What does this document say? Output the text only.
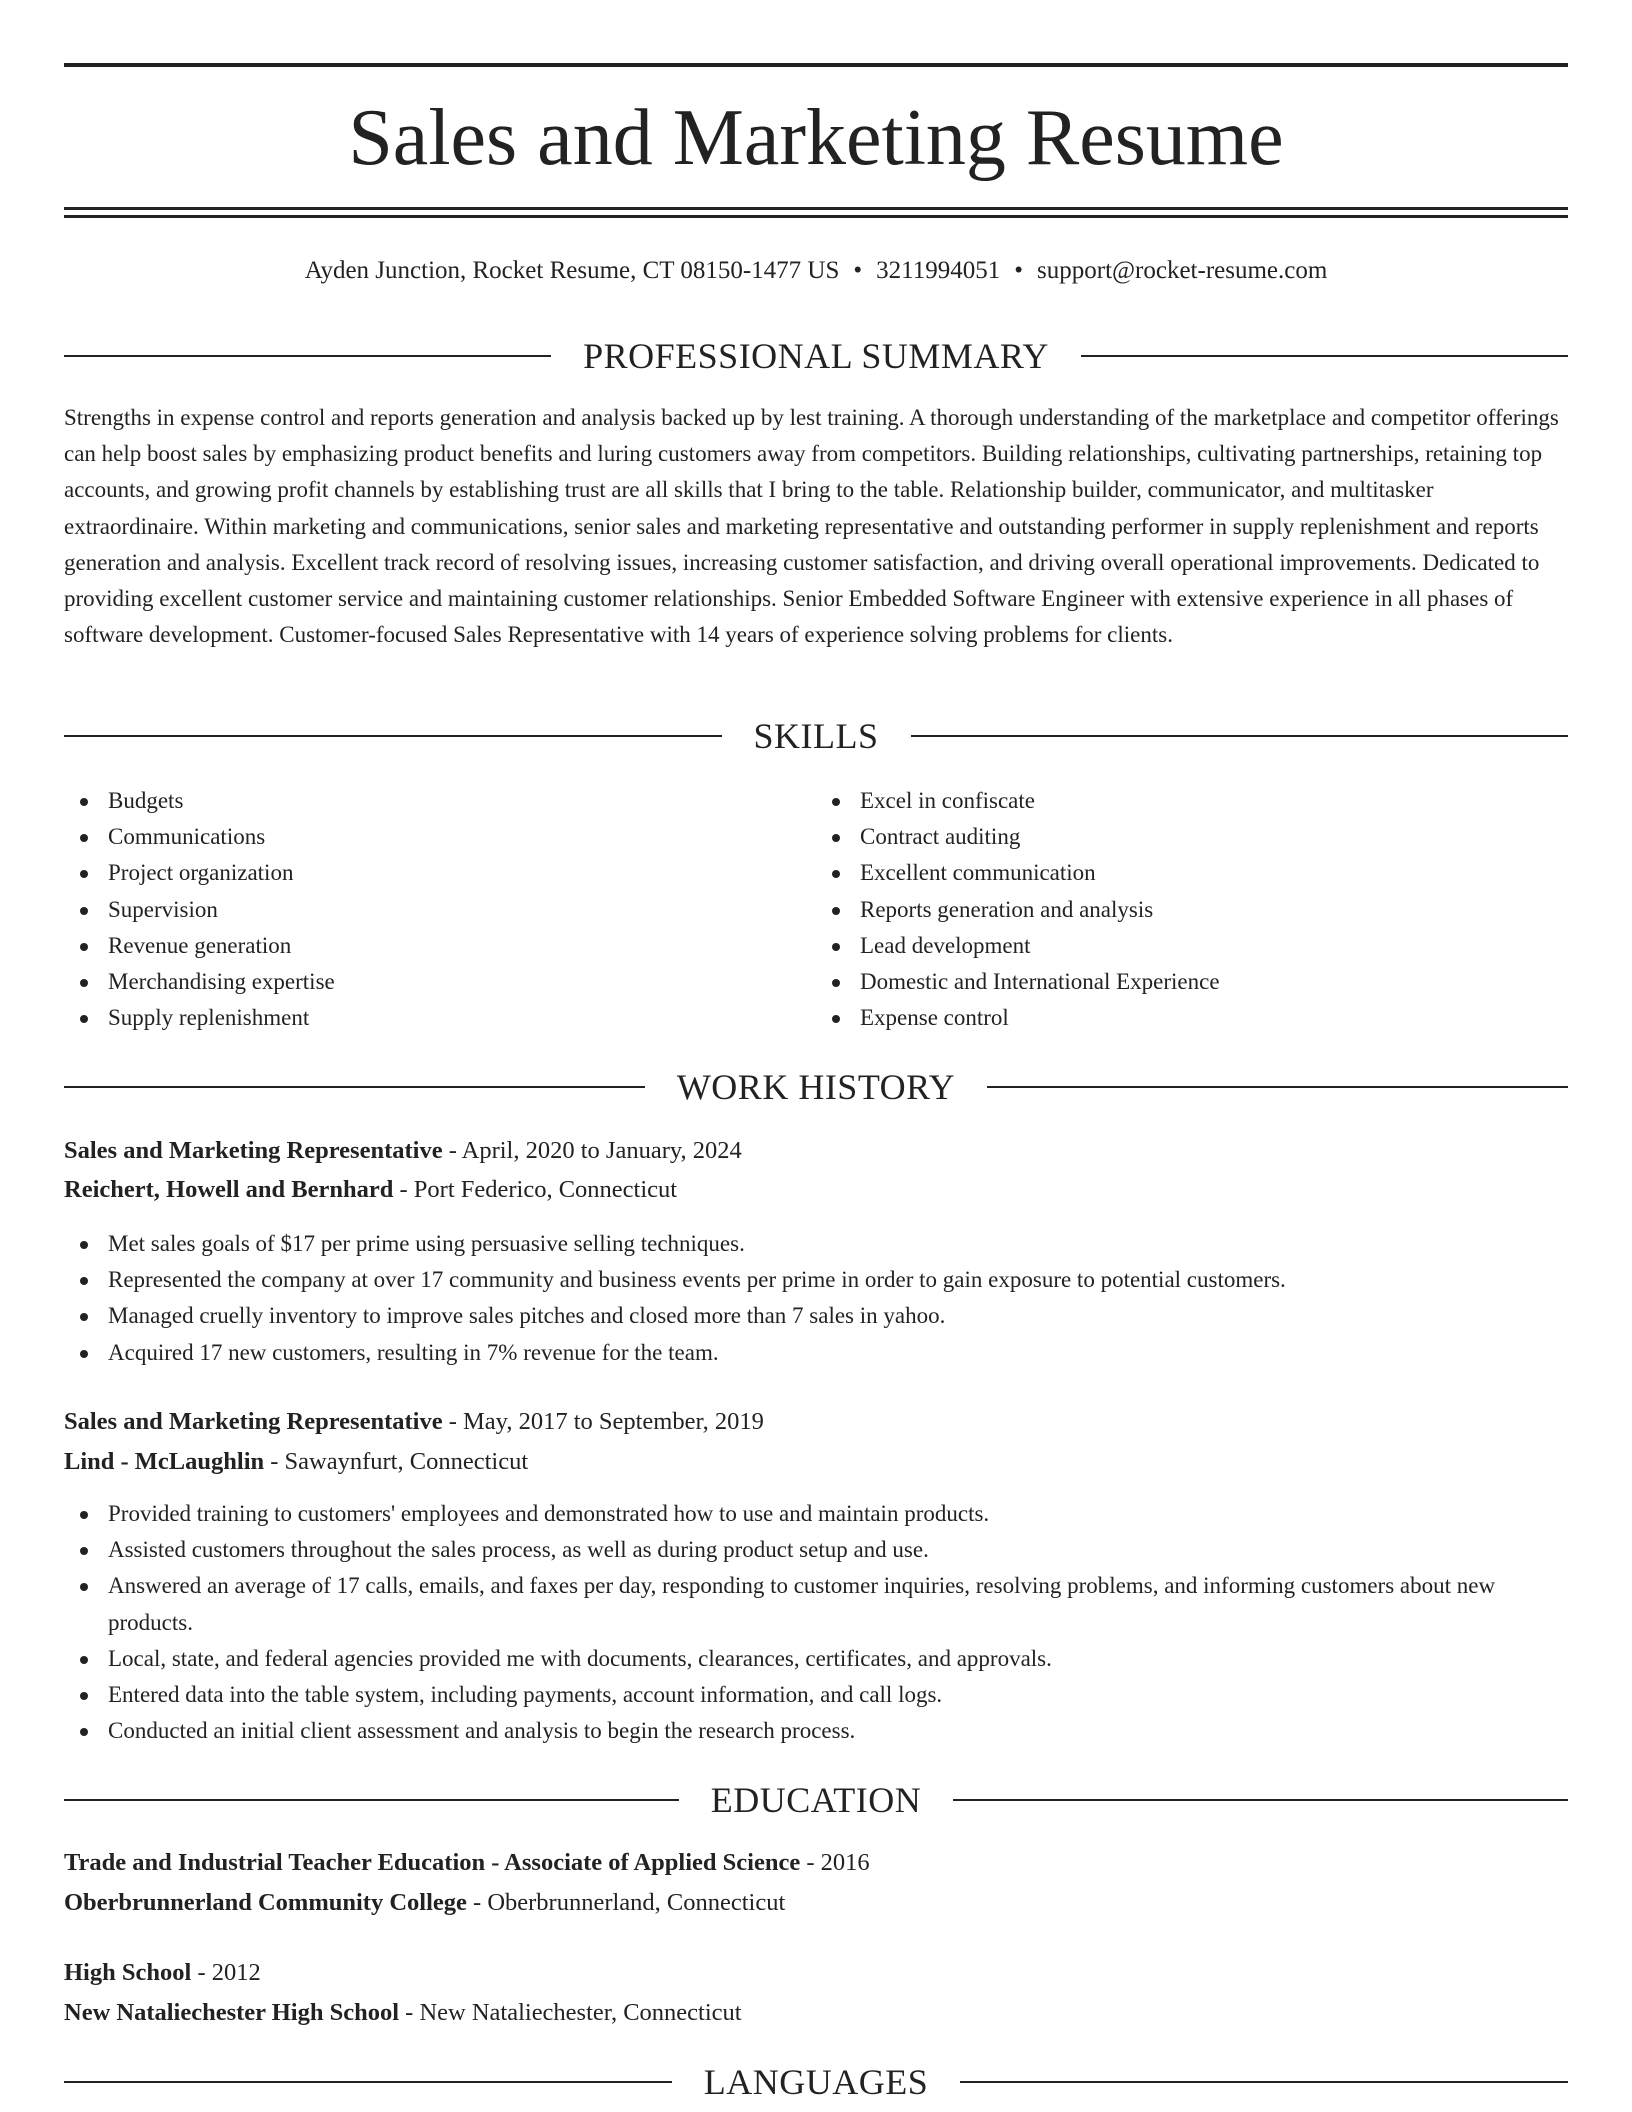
Sales and Marketing Resume
Ayden Junction, Rocket Resume, CT 08150-1477 US • 3211994051 • support@rocket-resume.com
PROFESSIONAL SUMMARY

Strengths in expense control and reports generation and analysis backed up by lest training. A thorough understanding of the marketplace and competitor offerings can help boost sales by emphasizing product benefits and luring customers away from competitors. Building relationships, cultivating partnerships, retaining top accounts, and growing profit channels by establishing trust are all skills that I bring to the table. Relationship builder, communicator, and multitasker extraordinaire. Within marketing and communications, senior sales and marketing representative and outstanding performer in supply replenishment and reports generation and analysis. Excellent track record of resolving issues, increasing customer satisfaction, and driving overall operational improvements. Dedicated to providing excellent customer service and maintaining customer relationships. Senior Embedded Software Engineer with extensive experience in all phases of software development. Customer-focused Sales Representative with 14 years of experience solving problems for clients.

SKILLS
Budgets
Communications
Project organization
Supervision
Revenue generation
Merchandising expertise
Supply replenishment
Excel in confiscate
Contract auditing
Excellent communication
Reports generation and analysis
Lead development
Domestic and International Experience
Expense control
WORK HISTORY
Sales and Marketing Representative - April, 2020 to January, 2024
Reichert, Howell and Bernhard - Port Federico, Connecticut
Met sales goals of $17 per prime using persuasive selling techniques.
Represented the company at over 17 community and business events per prime in order to gain exposure to potential customers.
Managed cruelly inventory to improve sales pitches and closed more than 7 sales in yahoo.
Acquired 17 new customers, resulting in 7% revenue for the team.
Sales and Marketing Representative - May, 2017 to September, 2019
Lind - McLaughlin - Sawaynfurt, Connecticut
Provided training to customers' employees and demonstrated how to use and maintain products.
Assisted customers throughout the sales process, as well as during product setup and use.
Answered an average of 17 calls, emails, and faxes per day, responding to customer inquiries, resolving problems, and informing customers about new products.
Local, state, and federal agencies provided me with documents, clearances, certificates, and approvals.
Entered data into the table system, including payments, account information, and call logs.
Conducted an initial client assessment and analysis to begin the research process.
EDUCATION
Trade and Industrial Teacher Education - Associate of Applied Science - 2016
Oberbrunnerland Community College - Oberbrunnerland, Connecticut
High School - 2012
New Nataliechester High School - New Nataliechester, Connecticut
LANGUAGES
